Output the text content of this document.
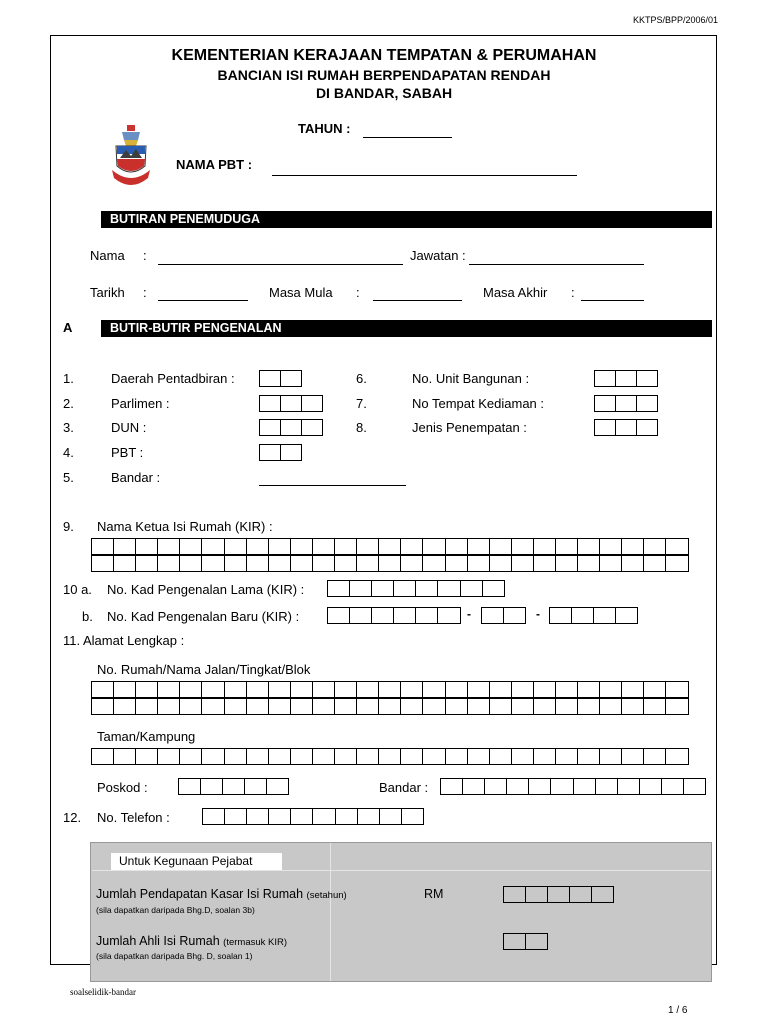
KKTPS/BPP/2006/01
KEMENTERIAN KERAJAAN TEMPATAN & PERUMAHAN
BANCIAN ISI RUMAH BERPENDAPATAN RENDAH
DI BANDAR, SABAH
TAHUN :
NAMA PBT :
BUTIRAN PENEMUDUGA
Nama :	Jawatan :
Tarikh :	Masa Mula :	Masa Akhir :
A	BUTIR-BUTIR PENGENALAN
1.	Daerah Pentadbiran :
2.	Parlimen :
3.	DUN :
4.	PBT :
5.	Bandar :
6.	No. Unit Bangunan :
7.	No Tempat Kediaman :
8.	Jenis Penempatan :
9. Nama Ketua Isi Rumah (KIR) :
10 a. No. Kad Pengenalan Lama (KIR) :
b. No. Kad Pengenalan Baru (KIR) :	-	-
11. Alamat Lengkap :
No. Rumah/Nama Jalan/Tingkat/Blok
Taman/Kampung
Poskod :	Bandar :
12. No. Telefon :
Untuk Kegunaan Pejabat
Jumlah Pendapatan Kasar Isi Rumah (setahun)
(sila dapatkan daripada Bhg.D, soalan 3b)
RM
Jumlah Ahli Isi Rumah (termasuk KIR)
(sila dapatkan daripada Bhg. D, soalan 1)
soalselidik-bandar
1 / 6
